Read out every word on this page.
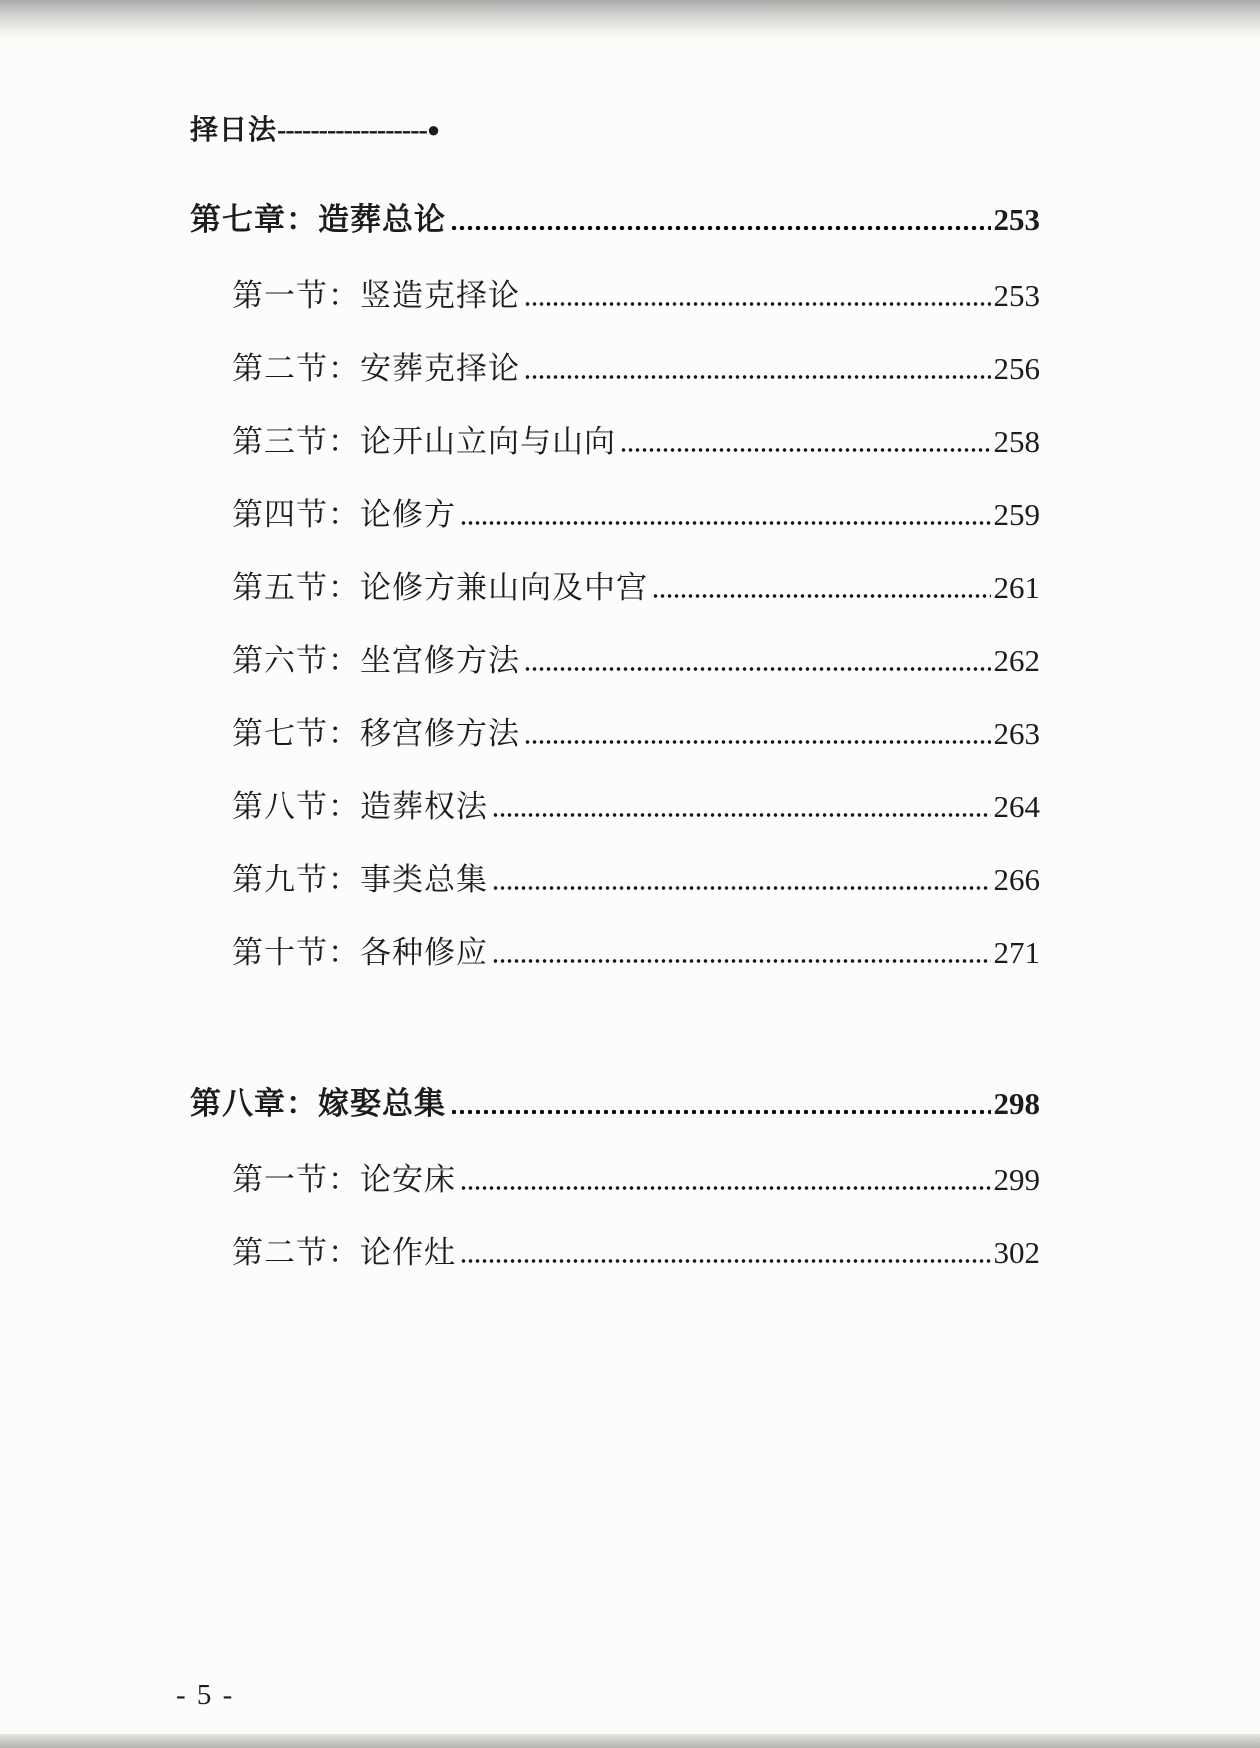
择日法------------------●
第七章：造葬总论	253
第一节：竖造克择论	253
第二节：安葬克择论	256
第三节：论开山立向与山向	258
第四节：论修方	259
第五节：论修方兼山向及中宫	261
第六节：坐宫修方法	262
第七节：移宫修方法	263
第八节：造葬权法	264
第九节：事类总集	266
第十节：各种修应	271
第八章：嫁娶总集	298
第一节：论安床	299
第二节：论作灶	302
- 5 -
